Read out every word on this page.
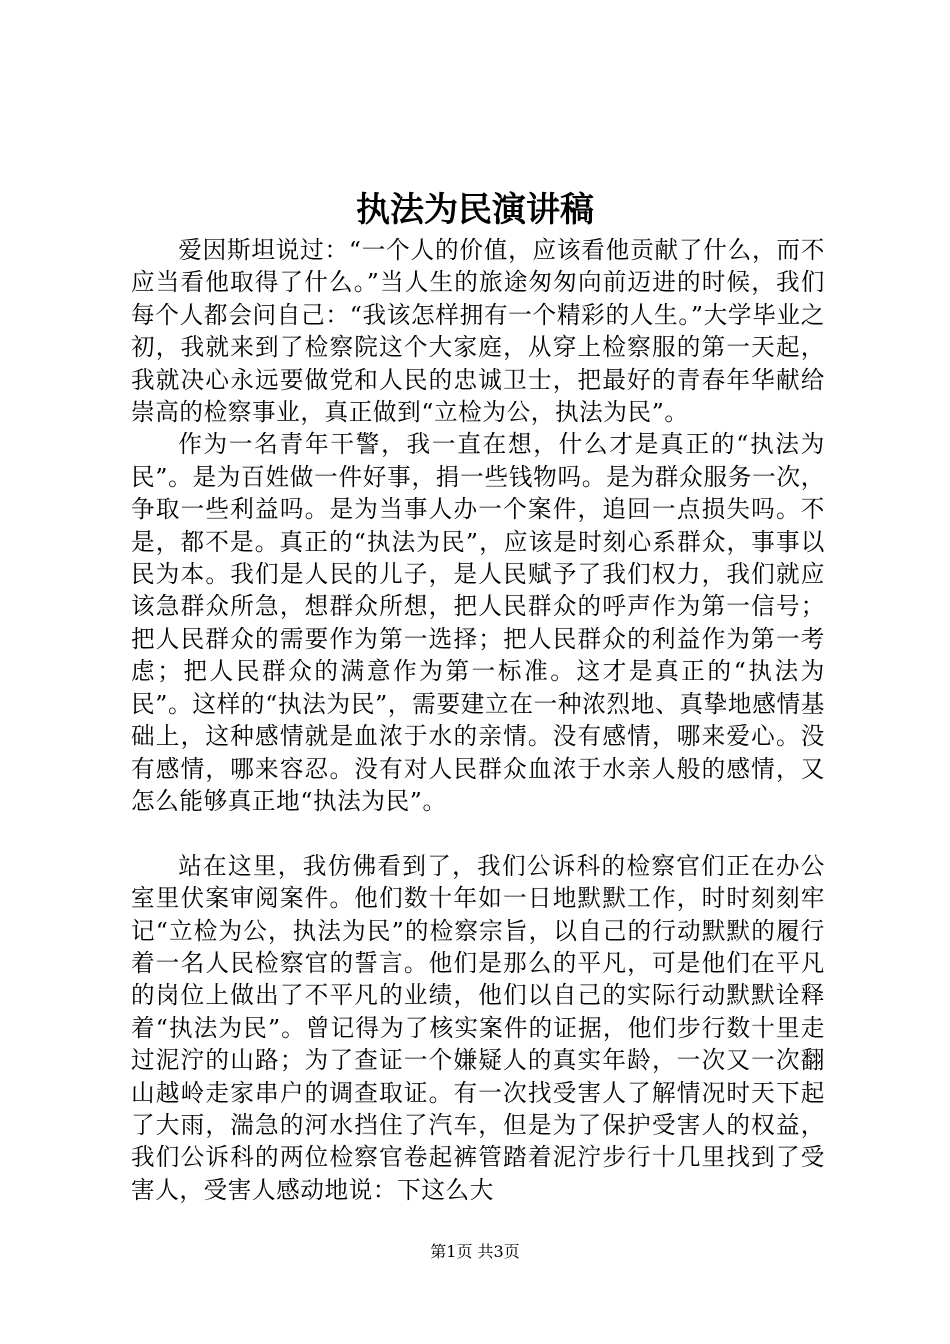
执法为民演讲稿

爱因斯坦说过：“一个人的价值，应该看他贡献了什么，而不应当看他取得了什么。”当人生的旅途匆匆向前迈进的时候，我们每个人都会问自己：“我该怎样拥有一个精彩的人生。”大学毕业之初，我就来到了检察院这个大家庭，从穿上检察服的第一天起，我就决心永远要做党和人民的忠诚卫士，把最好的青春年华献给崇高的检察事业，真正做到“立检为公，执法为民”。

作为一名青年干警，我一直在想，什么才是真正的“执法为民”。是为百姓做一件好事，捐一些钱物吗。是为群众服务一次，争取一些利益吗。是为当事人办一个案件，追回一点损失吗。不是，都不是。真正的“执法为民”，应该是时刻心系群众，事事以民为本。我们是人民的儿子，是人民赋予了我们权力，我们就应该急群众所急，想群众所想，把人民群众的呼声作为第一信号；把人民群众的需要作为第一选择；把人民群众的利益作为第一考虑；把人民群众的满意作为第一标准。这才是真正的“执法为民”。这样的“执法为民”，需要建立在一种浓烈地、真挚地感情基础上，这种感情就是血浓于水的亲情。没有感情，哪来爱心。没有感情，哪来容忍。没有对人民群众血浓于水亲人般的感情，又怎么能够真正地“执法为民”。

站在这里，我仿佛看到了，我们公诉科的检察官们正在办公室里伏案审阅案件。他们数十年如一日地默默工作，时时刻刻牢记“立检为公，执法为民”的检察宗旨，以自己的行动默默的履行着一名人民检察官的誓言。他们是那么的平凡，可是他们在平凡的岗位上做出了不平凡的业绩，他们以自己的实际行动默默诠释着“执法为民”。曾记得为了核实案件的证据，他们步行数十里走过泥泞的山路；为了查证一个嫌疑人的真实年龄，一次又一次翻山越岭走家串户的调查取证。有一次找受害人了解情况时天下起了大雨，湍急的河水挡住了汽车，但是为了保护受害人的权益，我们公诉科的两位检察官卷起裤管踏着泥泞步行十几里找到了受害人，受害人感动地说：下这么大

第1页 共3页
